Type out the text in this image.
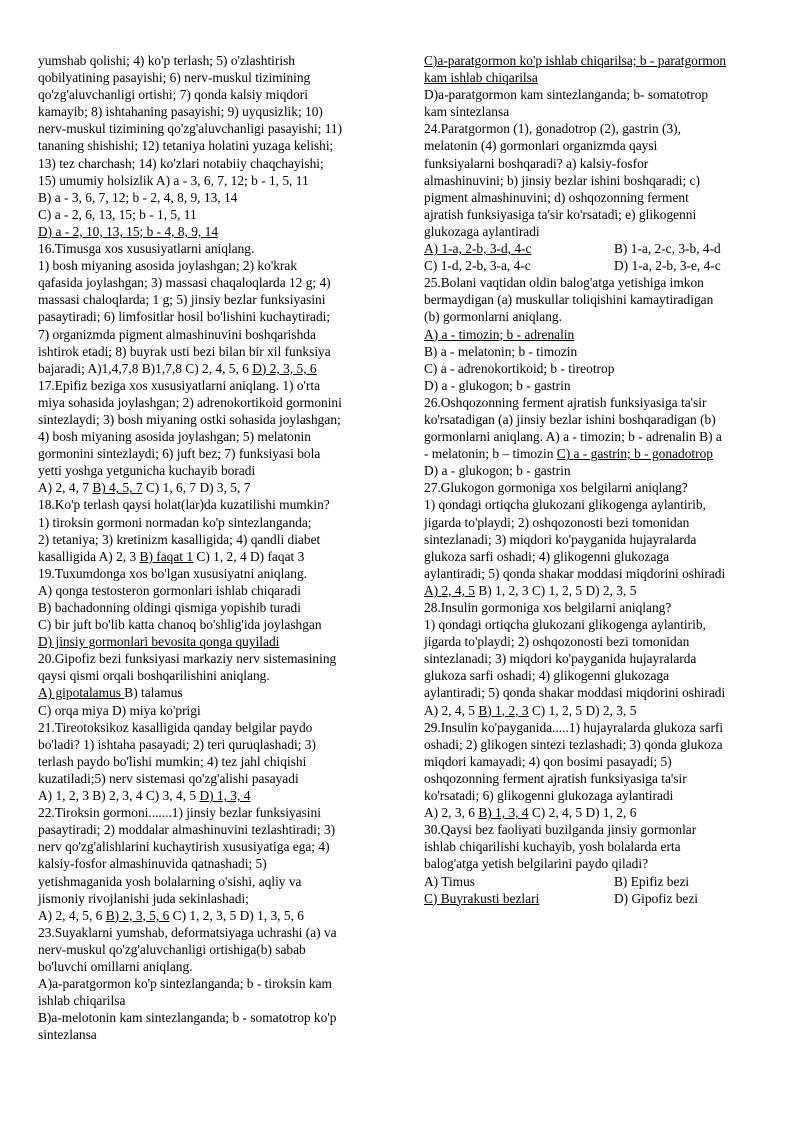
yumshab qolishi; 4) ko'p terlash; 5) o'zlashtirish
qobilyatining pasayishi; 6) nerv-muskul tizimining
qo'zg'aluvchanligi ortishi; 7) qonda kalsiy miqdori
kamayib; 8) ishtahaning pasayishi; 9) uyqusizlik; 10)
nerv-muskul tizimining qo'zg'aluvchanligi pasayishi; 11)
tananing shishishi; 12) tetaniya holatini yuzaga kelishi;
13) tez charchash; 14) ko'zlari notabiiy chaqchayishi;
15) umumiy holsizlik A) a - 3, 6, 7, 12; b - 1, 5, 11
B) a - 3, 6, 7, 12; b - 2, 4, 8, 9, 13, 14
C) a - 2, 6, 13, 15; b - 1, 5, 11
D) a - 2, 10, 13, 15; b - 4, 8, 9, 14
16.Timusga xos xususiyatlarni aniqlang.
1) bosh miyaning asosida joylashgan; 2) ko'krak
qafasida joylashgan; 3) massasi chaqaloqlarda 12 g; 4)
massasi chaloqlarda; 1 g; 5) jinsiy bezlar funksiyasini
pasaytiradi; 6) limfositlar hosil bo'lishini kuchaytiradi;
7) organizmda pigment almashinuvini boshqarishda
ishtirok etadi; 8) buyrak usti bezi bilan bir xil funksiya
bajaradi; A)1,4,7,8 B)1,7,8 C) 2, 4, 5, 6 D) 2, 3, 5, 6
17.Epifiz beziga xos xususiyatlarni aniqlang. 1) o'rta
miya sohasida joylashgan; 2) adrenokortikoid gormonini
sintezlaydi; 3) bosh miyaning ostki sohasida joylashgan;
4) bosh miyaning asosida joylashgan; 5) melatonin
gormonini sintezlaydi; 6) juft bez; 7) funksiyasi bola
yetti yoshga yetgunicha kuchayib boradi
A) 2, 4, 7 B) 4, 5, 7 C) 1, 6, 7 D) 3, 5, 7
18.Ko'p terlash qaysi holat(lar)da kuzatilishi mumkin?
1) tiroksin gormoni normadan ko'p sintezlanganda;
2) tetaniya; 3) kretinizm kasalligida; 4) qandli diabet
kasalligida A) 2, 3 B) faqat 1 C) 1, 2, 4 D) faqat 3
19.Tuxumdonga xos bo'lgan xususiyatni aniqlang.
A) qonga testosteron gormonlari ishlab chiqaradi
B) bachadonning oldingi qismiga yopishib turadi
C) bir juft bo'lib katta chanoq bo'shlig'ida joylashgan
D) jinsiy gormonlari bevosita qonga quyiladi
20.Gipofiz bezi funksiyasi markaziy nerv sistemasining
qaysi qismi orqali boshqarilishini aniqlang.
A) gipotalamus B) talamus
C) orqa miya D) miya ko'prigi
21.Tireotoksikoz kasalligida qanday belgilar paydo
bo'ladi? 1) ishtaha pasayadi; 2) teri quruqlashadi; 3)
terlash paydo bo'lishi mumkin; 4) tez jahl chiqishi
kuzatiladi;5) nerv sistemasi qo'zg'alishi pasayadi
A) 1, 2, 3 B) 2, 3, 4 C) 3, 4, 5 D) 1, 3, 4
22.Tiroksin gormoni.......1) jinsiy bezlar funksiyasini
pasaytiradi; 2) moddalar almashinuvini tezlashtiradi; 3)
nerv qo'zg'alishlarini kuchaytirish xususiyatiga ega; 4)
kalsiy-fosfor almashinuvida qatnashadi; 5)
yetishmaganida yosh bolalarning o'sishi, aqliy va
jismoniy rivojlanishi juda sekinlashadi;
A) 2, 4, 5, 6 B) 2, 3, 5, 6 C) 1, 2, 3, 5 D) 1, 3, 5, 6
23.Suyaklarni yumshab, deformatsiyaga uchrashi (a) va
nerv-muskul qo'zg'aluvchanligi ortishiga(b) sabab
bo'luvchi omillarni aniqlang.
A)a-paratgormon ko'p sintezlanganda; b - tiroksin kam
ishlab chiqarilsa
B)a-melotonin kam sintezlanganda; b - somatotrop ko'p
sintezlansa
C)a-paratgormon ko'p ishlab chiqarilsa; b - paratgormon
kam ishlab chiqarilsa
D)a-paratgormon kam sintezlanganda; b- somatotrop
kam sintezlansa
24.Paratgormon (1), gonadotrop (2), gastrin (3),
melatonin (4) gormonlari organizmda qaysi
funksiyalarni boshqaradi? a) kalsiy-fosfor
almashinuvini; b) jinsiy bezlar ishini boshqaradi; c)
pigment almashinuvini; d) oshqozonning ferment
ajratish funksiyasiga ta'sir ko'rsatadi; e) glikogenni
glukozaga aylantiradi
A) 1-a, 2-b, 3-d, 4-c	B) 1-a, 2-c, 3-b, 4-d
C) 1-d, 2-b, 3-a, 4-c	D) 1-a, 2-b, 3-e, 4-c
25.Bolani vaqtidan oldin balog'atga yetishiga imkon
bermaydigan (a) muskullar toliqishini kamaytiradigan
(b) gormonlarni aniqlang.
A) a - timozin; b - adrenalin
B) a - melatonin; b - timozin
C) a - adrenokortikoid; b - tireotrop
D) a - glukogon; b - gastrin
26.Oshqozonning ferment ajratish funksiyasiga ta'sir
ko'rsatadigan (a) jinsiy bezlar ishini boshqaradigan (b)
gormonlarni aniqlang. A) a - timozin; b - adrenalin B) a
- melatonin; b – timozin C) a - gastrin; b - gonadotrop
D) a - glukogon; b - gastrin
27.Glukogon gormoniga xos belgilarni aniqlang?
1) qondagi ortiqcha glukozani glikogenga aylantirib,
jigarda to'playdi; 2) oshqozonosti bezi tomonidan
sintezlanadi; 3) miqdori ko'payganida hujayralarda
glukoza sarfi oshadi; 4) glikogenni glukozaga
aylantiradi; 5) qonda shakar moddasi miqdorini oshiradi
A) 2, 4, 5 B) 1, 2, 3 C) 1, 2, 5 D) 2, 3, 5
28.Insulin gormoniga xos belgilarni aniqlang?
1) qondagi ortiqcha glukozani glikogenga aylantirib,
jigarda to'playdi; 2) oshqozonosti bezi tomonidan
sintezlanadi; 3) miqdori ko'payganida hujayralarda
glukoza sarfi oshadi; 4) glikogenni glukozaga
aylantiradi; 5) qonda shakar moddasi miqdorini oshiradi
A) 2, 4, 5 B) 1, 2, 3 C) 1, 2, 5 D) 2, 3, 5
29.Insulin ko'payganida.....1) hujayralarda glukoza sarfi
oshadi; 2) glikogen sintezi tezlashadi; 3) qonda glukoza
miqdori kamayadi; 4) qon bosimi pasayadi; 5)
oshqozonning ferment ajratish funksiyasiga ta'sir
ko'rsatadi; 6) glikogenni glukozaga aylantiradi
A) 2, 3, 6 B) 1, 3, 4 C) 2, 4, 5 D) 1, 2, 6
30.Qaysi bez faoliyati buzilganda jinsiy gormonlar
ishlab chiqarilishi kuchayib, yosh bolalarda erta
balog'atga yetish belgilarini paydo qiladi?
A) Timus	B) Epifiz bezi
C) Buyrakusti bezlari	D) Gipofiz bezi
